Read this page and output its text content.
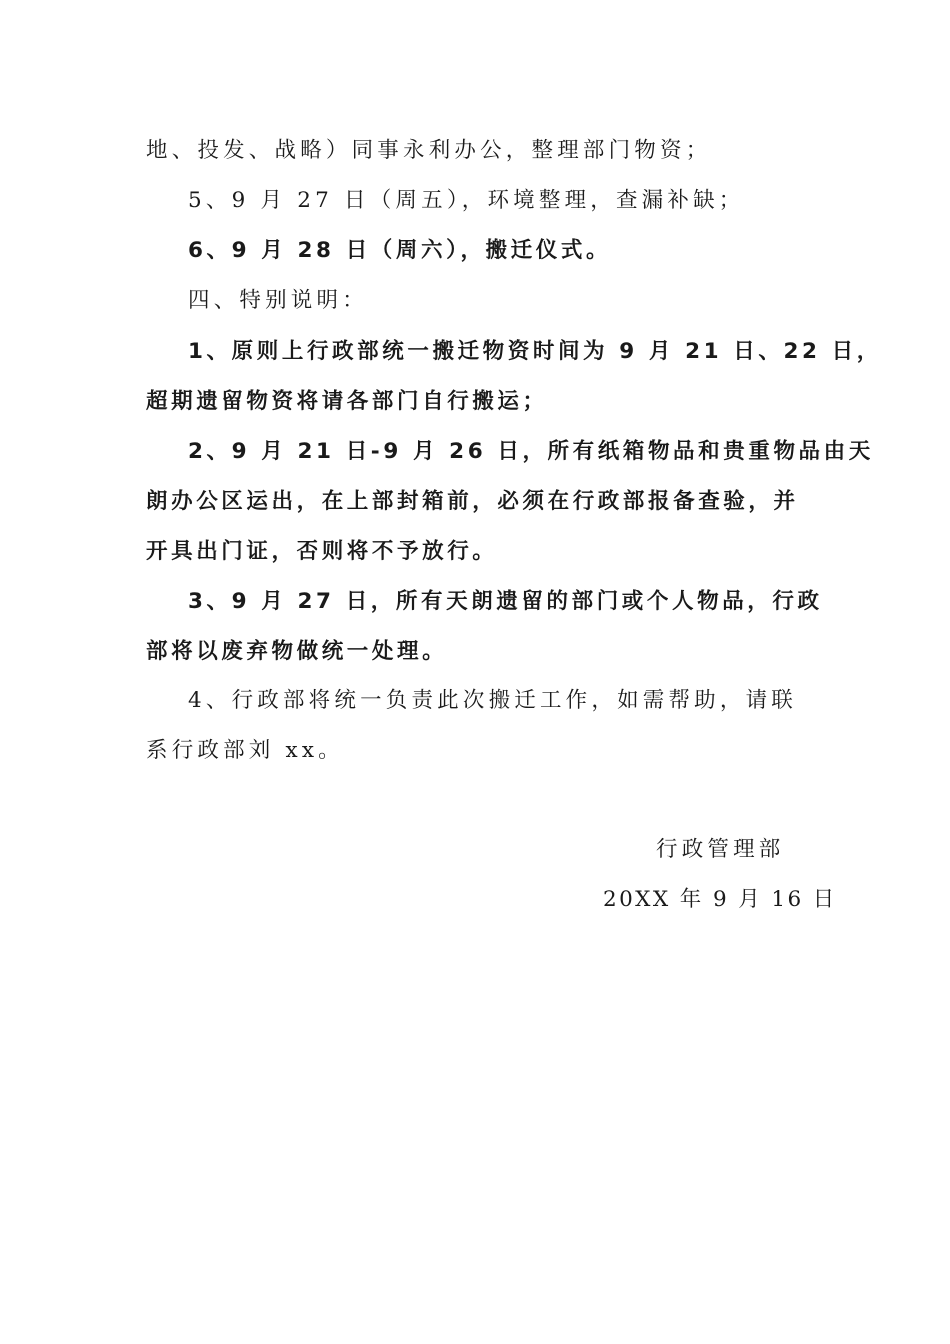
地、投发、战略）同事永利办公，整理部门物资；
5、9 月 27 日（周五），环境整理，查漏补缺；
6、9 月 28 日（周六），搬迁仪式。
四、特别说明：
1、原则上行政部统一搬迁物资时间为 9 月 21 日、22 日，
超期遗留物资将请各部门自行搬运；
2、9 月 21 日-9 月 26 日，所有纸箱物品和贵重物品由天
朗办公区运出，在上部封箱前，必须在行政部报备查验，并
开具出门证，否则将不予放行。
3、9 月 27 日，所有天朗遗留的部门或个人物品，行政
部将以废弃物做统一处理。
4、行政部将统一负责此次搬迁工作，如需帮助，请联
系行政部刘 xx。
行政管理部
20XX 年 9 月 16 日
